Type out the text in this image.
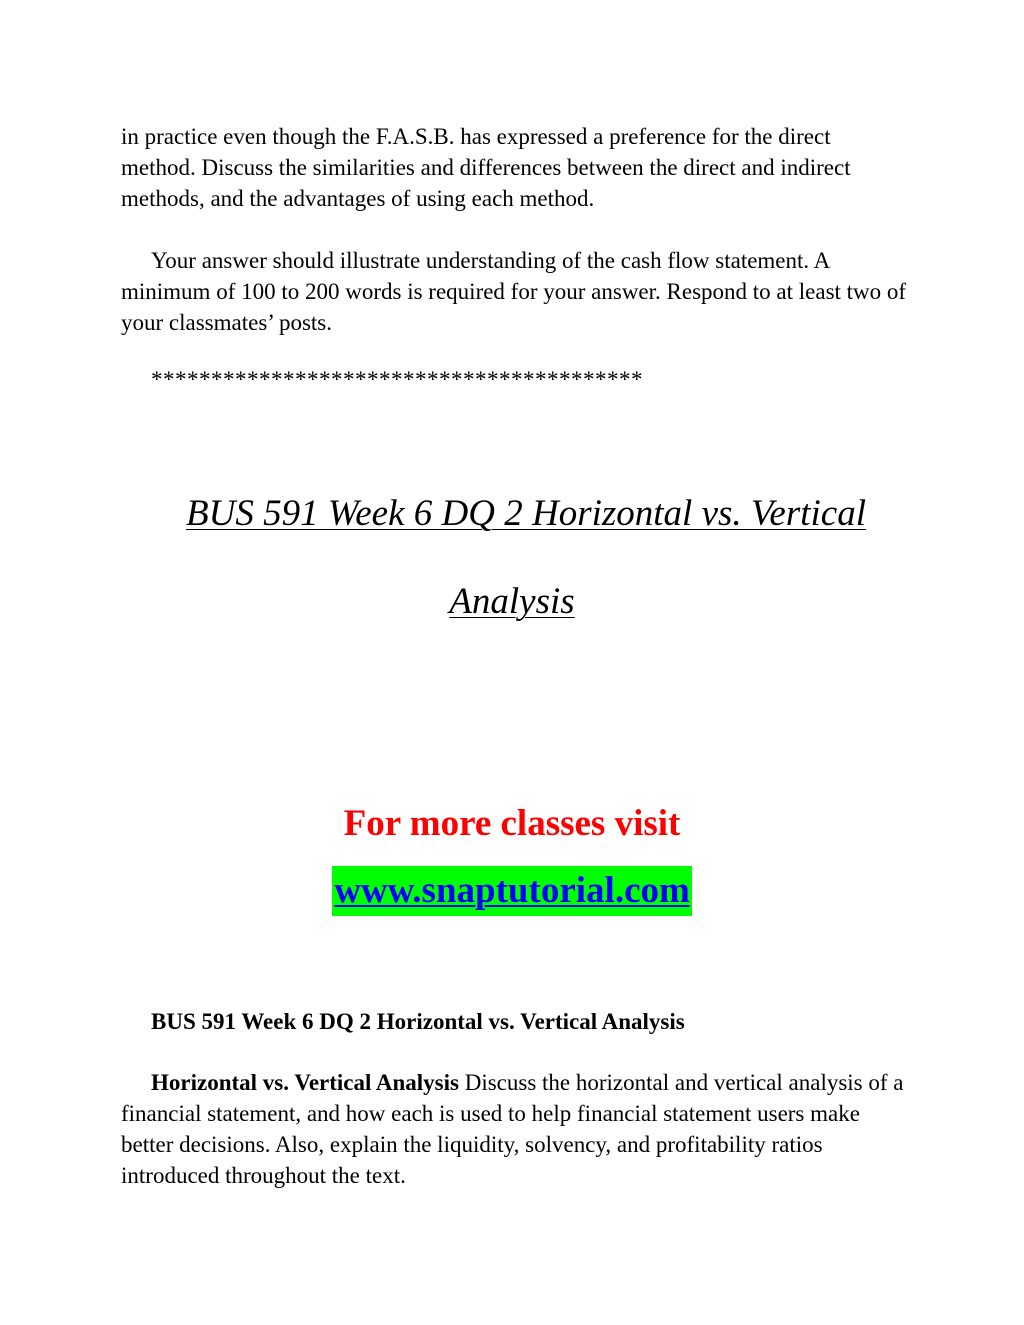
in practice even though the F.A.S.B. has expressed a preference for the direct method. Discuss the similarities and differences between the direct and indirect methods, and the advantages of using each method.
Your answer should illustrate understanding of the cash flow statement. A minimum of 100 to 200 words is required for your answer. Respond to at least two of your classmates’ posts.
*****************************************
BUS 591 Week 6 DQ 2 Horizontal vs. Vertical
Analysis
For more classes visit
www.snaptutorial.com
BUS 591 Week 6 DQ 2 Horizontal vs. Vertical Analysis
Horizontal vs. Vertical Analysis Discuss the horizontal and vertical analysis of a financial statement, and how each is used to help financial statement users make better decisions. Also, explain the liquidity, solvency, and profitability ratios introduced throughout the text.
